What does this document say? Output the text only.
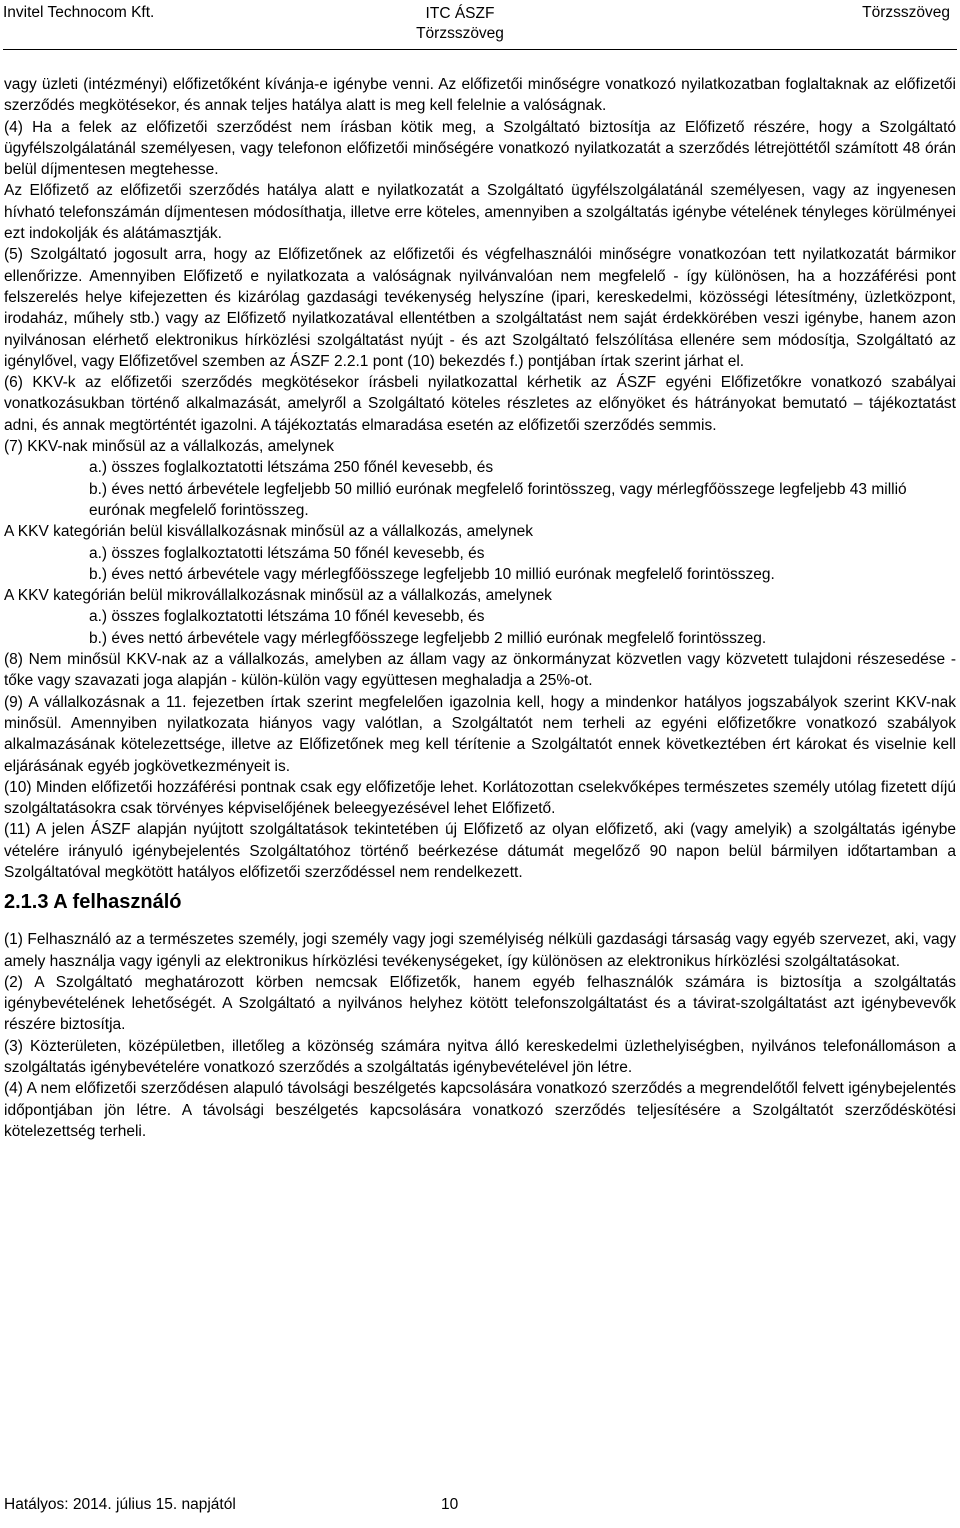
Invitel Technocom Kft.	ITC ÁSZF
Törzsszöveg
Törzsszöveg

vagy üzleti (intézményi) előfizetőként kívánja-e igénybe venni. Az előfizetői minőségre vonatkozó nyilatkozatban foglaltaknak az előfizetői szerződés megkötésekor, és annak teljes hatálya alatt is meg kell felelnie a valóságnak.

(4) Ha a felek az előfizetői szerződést nem írásban kötik meg, a Szolgáltató biztosítja az Előfizető részére, hogy a Szolgáltató ügyfélszolgálatánál személyesen, vagy telefonon előfizetői minőségére vonatkozó nyilatkozatát a szerződés létrejöttétől számított 48 órán belül díjmentesen megtehesse.

Az Előfizető az előfizetői szerződés hatálya alatt e nyilatkozatát a Szolgáltató ügyfélszolgálatánál személyesen, vagy az ingyenesen hívható telefonszámán díjmentesen módosíthatja, illetve erre köteles, amennyiben a szolgáltatás igénybe vételének tényleges körülményei ezt indokolják és alátámasztják.

(5) Szolgáltató jogosult arra, hogy az Előfizetőnek az előfizetői és végfelhasználói minőségre vonatkozóan tett nyilatkozatát bármikor ellenőrizze. Amennyiben Előfizető e nyilatkozata a valóságnak nyilvánvalóan nem megfelelő - így különösen, ha a hozzáférési pont felszerelés helye kifejezetten és kizárólag gazdasági tevékenység helyszíne (ipari, kereskedelmi, közösségi létesítmény, üzletközpont, irodaház, műhely stb.) vagy az Előfizető nyilatkozatával ellentétben a szolgáltatást nem saját érdekkörében veszi igénybe, hanem azon nyilvánosan elérhető elektronikus hírközlési szolgáltatást nyújt - és azt Szolgáltató felszólítása ellenére sem módosítja, Szolgáltató az igénylővel, vagy Előfizetővel szemben az ÁSZF 2.2.1 pont (10) bekezdés f.) pontjában írtak szerint járhat el.

(6) KKV-k az előfizetői szerződés megkötésekor írásbeli nyilatkozattal kérhetik az ÁSZF egyéni Előfizetőkre vonatkozó szabályai vonatkozásukban történő alkalmazását, amelyről a Szolgáltató köteles részletes az előnyöket és hátrányokat bemutató – tájékoztatást adni, és annak megtörténtét igazolni. A tájékoztatás elmaradása esetén az előfizetői szerződés semmis.

(7) KKV-nak minősül az a vállalkozás, amelynek

a.) összes foglalkoztatotti létszáma 250 főnél kevesebb, és

b.) éves nettó árbevétele legfeljebb 50 millió eurónak megfelelő forintösszeg, vagy mérlegfőösszege legfeljebb 43 millió eurónak megfelelő forintösszeg.

A KKV kategórián belül kisvállalkozásnak minősül az a vállalkozás, amelynek

a.) összes foglalkoztatotti létszáma 50 főnél kevesebb, és

b.) éves nettó árbevétele vagy mérlegfőösszege legfeljebb 10 millió eurónak megfelelő forintösszeg.

A KKV kategórián belül mikrovállalkozásnak minősül az a vállalkozás, amelynek

a.) összes foglalkoztatotti létszáma 10 főnél kevesebb, és

b.) éves nettó árbevétele vagy mérlegfőösszege legfeljebb 2 millió eurónak megfelelő forintösszeg.

(8) Nem minősül KKV-nak az a vállalkozás, amelyben az állam vagy az önkormányzat közvetlen vagy közvetett tulajdoni részesedése - tőke vagy szavazati joga alapján - külön-külön vagy együttesen meghaladja a 25%-ot.

(9) A vállalkozásnak a 11. fejezetben írtak szerint megfelelően igazolnia kell, hogy a mindenkor hatályos jogszabályok szerint KKV-nak minősül. Amennyiben nyilatkozata hiányos vagy valótlan, a Szolgáltatót nem terheli az egyéni előfizetőkre vonatkozó szabályok alkalmazásának kötelezettsége, illetve az Előfizetőnek meg kell térítenie a Szolgáltatót ennek következtében ért károkat és viselnie kell eljárásának egyéb jogkövetkezményeit is.

(10) Minden előfizetői hozzáférési pontnak csak egy előfizetője lehet. Korlátozottan cselekvőképes természetes személy utólag fizetett díjú szolgáltatásokra csak törvényes képviselőjének beleegyezésével lehet Előfizető.

(11) A jelen ÁSZF alapján nyújtott szolgáltatások tekintetében új Előfizető az olyan előfizető, aki (vagy amelyik) a szolgáltatás igénybe vételére irányuló igénybejelentés Szolgáltatóhoz történő beérkezése dátumát megelőző 90 napon belül bármilyen időtartamban a Szolgáltatóval megkötött hatályos előfizetői szerződéssel nem rendelkezett.

2.1.3 A felhasználó

(1) Felhasználó az a természetes személy, jogi személy vagy jogi személyiség nélküli gazdasági társaság vagy egyéb szervezet, aki, vagy amely használja vagy igényli az elektronikus hírközlési tevékenységeket, így különösen az elektronikus hírközlési szolgáltatásokat.

(2) A Szolgáltató meghatározott körben nemcsak Előfizetők, hanem egyéb felhasználók számára is biztosítja a szolgáltatás igénybevételének lehetőségét. A Szolgáltató a nyilvános helyhez kötött telefonszolgáltatást és a távirat-szolgáltatást azt igénybevevők részére biztosítja.

(3) Közterületen, középületben, illetőleg a közönség számára nyitva álló kereskedelmi üzlethelyiségben, nyilvános telefonállomáson a szolgáltatás igénybevételére vonatkozó szerződés a szolgáltatás igénybevételével jön létre.

(4) A nem előfizetői szerződésen alapuló távolsági beszélgetés kapcsolására vonatkozó szerződés a megrendelőtől felvett igénybejelentés időpontjában jön létre. A távolsági beszélgetés kapcsolására vonatkozó szerződés teljesítésére a Szolgáltatót szerződéskötési kötelezettség terheli.

Hatályos: 2014. július 15. napjától	10
